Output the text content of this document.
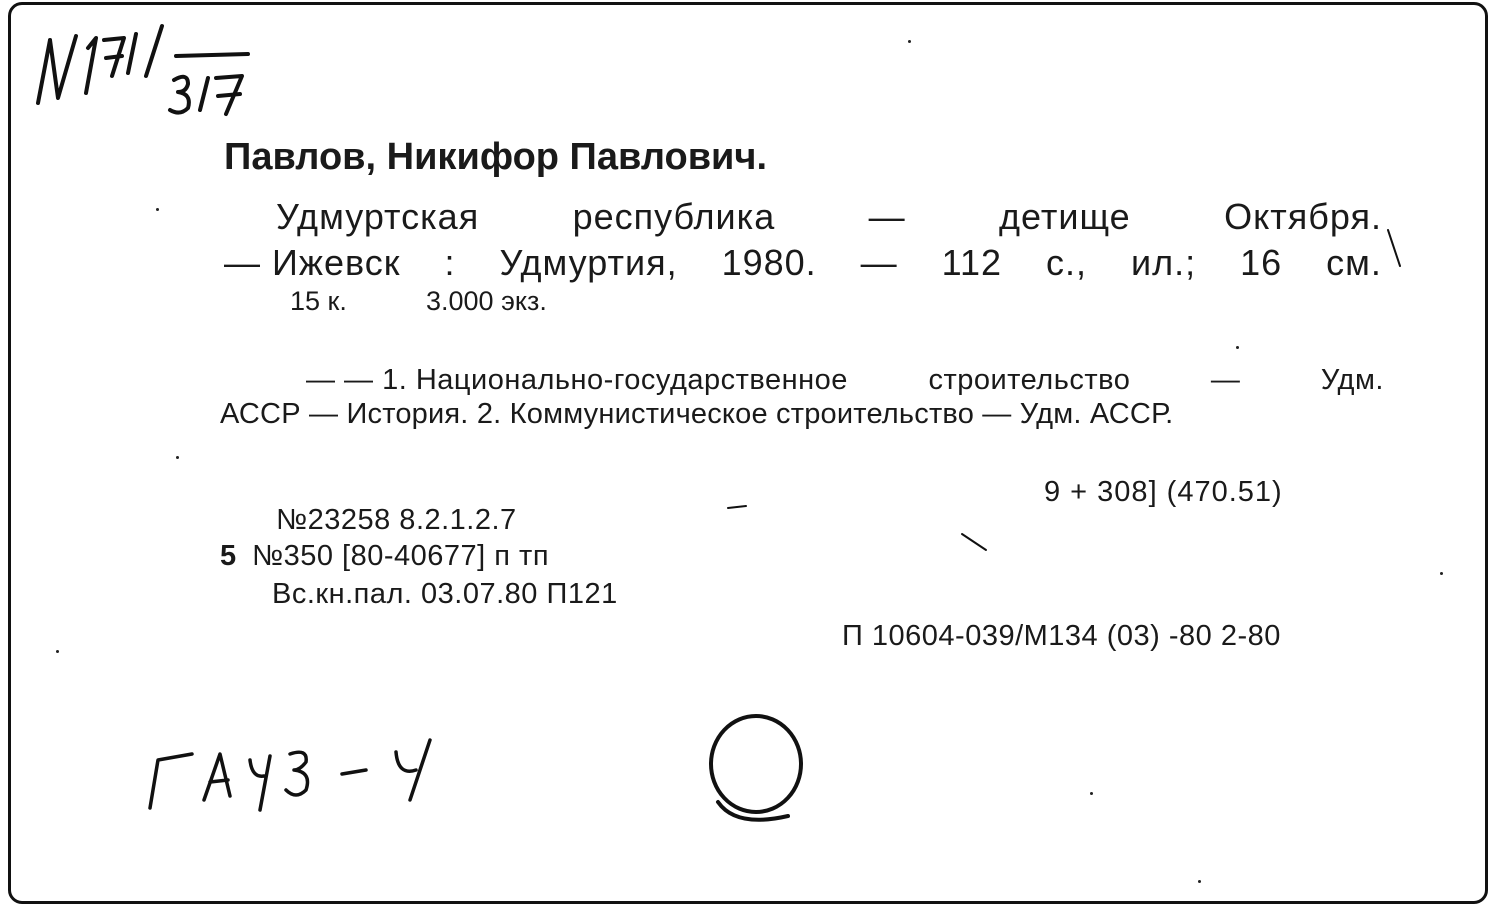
Павлов, Никифор Павлович.
Удмуртская	республика	—	детище	Октября.
— Ижевск : Удмуртия, 1980. — 112 с., ил.; 16 см.
15 к.	3.000 экз.
— — 1. Национально-государственное	строительство	—	Удм.
АССР — История. 2. Коммунистическое строительство — Удм. АССР.
9 + 308] (470.51)
№23258 8.2.1.2.7
5 №350 [80-40677] п тп
Вс.кн.пал. 03.07.80 П121
П 10604-039/М134 (03) -80 2-80
